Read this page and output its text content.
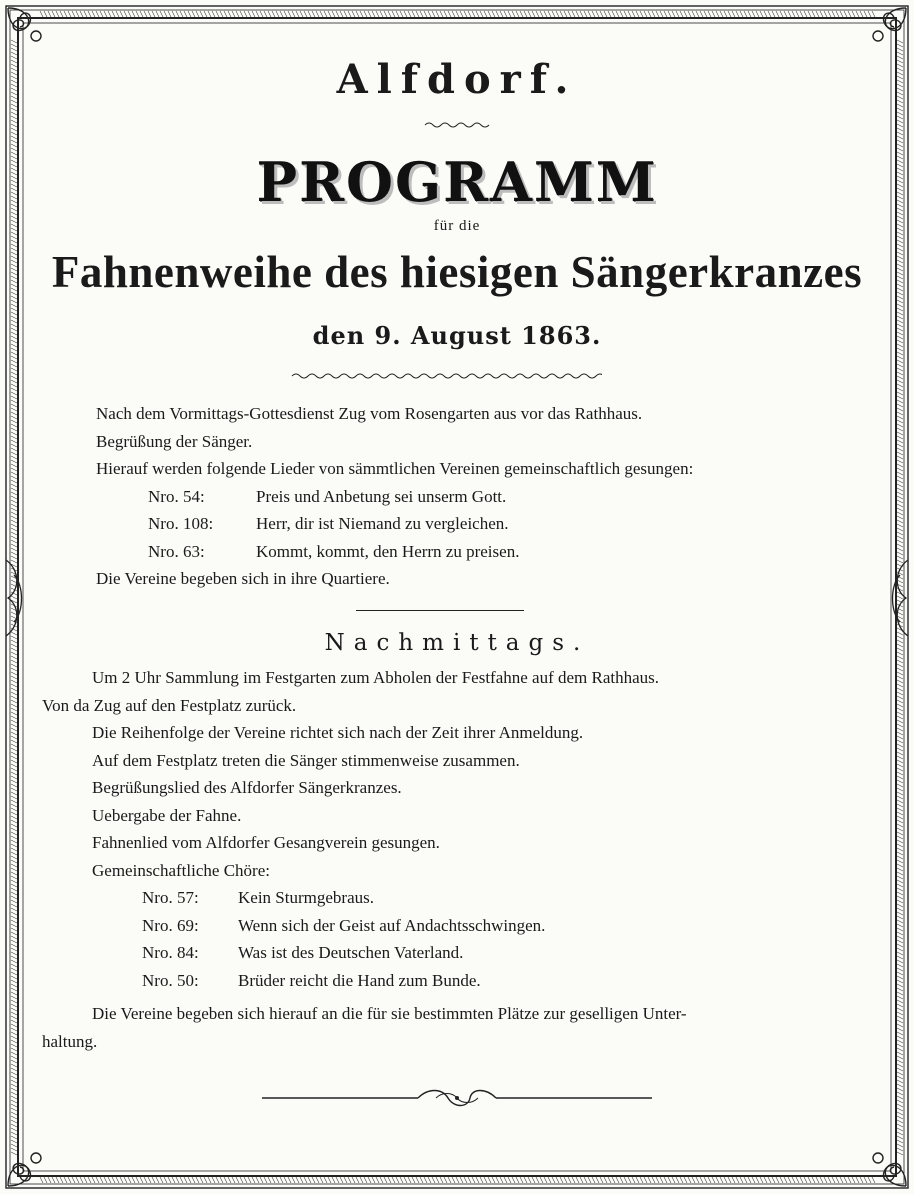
Alfdorf.
PROGRAMM
für die
Fahnenweihe des hiesigen Sängerkranzes
den 9. August 1863.
Nach dem Vormittags-Gottesdienst Zug vom Rosengarten aus vor das Rathhaus.
Begrüßung der Sänger.
Hierauf werden folgende Lieder von sämmtlichen Vereinen gemeinschaftlich gesungen:
Nro. 54:	Preis und Anbetung sei unserm Gott.
Nro. 108:	Herr, dir ist Niemand zu vergleichen.
Nro. 63:	Kommt, kommt, den Herrn zu preisen.
Die Vereine begeben sich in ihre Quartiere.
Nachmittags.
Um 2 Uhr Sammlung im Festgarten zum Abholen der Festfahne auf dem Rathhaus.
Von da Zug auf den Festplatz zurück.
Die Reihenfolge der Vereine richtet sich nach der Zeit ihrer Anmeldung.
Auf dem Festplatz treten die Sänger stimmenweise zusammen.
Begrüßungslied des Alfdorfer Sängerkranzes.
Uebergabe der Fahne.
Fahnenlied vom Alfdorfer Gesangverein gesungen.
Gemeinschaftliche Chöre:
Nro. 57: Kein Sturmgebraus.
Nro. 69: Wenn sich der Geist auf Andachtsschwingen.
Nro. 84: Was ist des Deutschen Vaterland.
Nro. 50: Brüder reicht die Hand zum Bunde.
Die Vereine begeben sich hierauf an die für sie bestimmten Plätze zur geselligen Unter-
haltung.
